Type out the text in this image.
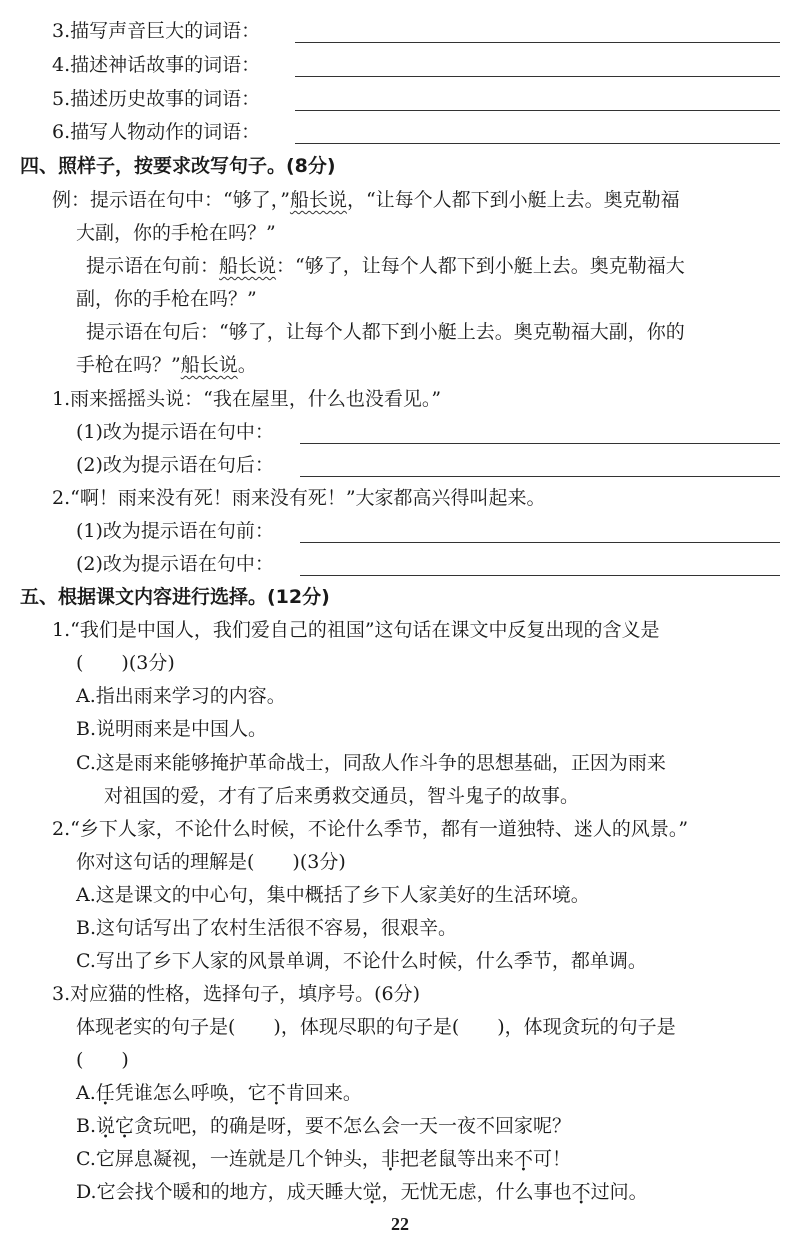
3.描写声音巨大的词语：
4.描述神话故事的词语：
5.描述历史故事的词语：
6.描写人物动作的词语：
四、照样子，按要求改写句子。(8分)
例：提示语在句中：“够了，”船长说，“让每个人都下到小艇上去。奥克勒福
大副，你的手枪在吗？”
提示语在句前：船长说：“够了，让每个人都下到小艇上去。奥克勒福大
副，你的手枪在吗？”
提示语在句后：“够了，让每个人都下到小艇上去。奥克勒福大副，你的
手枪在吗？”船长说。
1.雨来摇摇头说：“我在屋里，什么也没看见。”
(1)改为提示语在句中：
(2)改为提示语在句后：
2.“啊！雨来没有死！雨来没有死！”大家都高兴得叫起来。
(1)改为提示语在句前：
(2)改为提示语在句中：
五、根据课文内容进行选择。(12分)
1.“我们是中国人，我们爱自己的祖国”这句话在课文中反复出现的含义是
(　　)(3分)
A.指出雨来学习的内容。
B.说明雨来是中国人。
C.这是雨来能够掩护革命战士，同敌人作斗争的思想基础，正因为雨来
对祖国的爱，才有了后来勇救交通员，智斗鬼子的故事。
2.“乡下人家，不论什么时候，不论什么季节，都有一道独特、迷人的风景。”
你对这句话的理解是(　　)(3分)
A.这是课文的中心句，集中概括了乡下人家美好的生活环境。
B.这句话写出了农村生活很不容易，很艰辛。
C.写出了乡下人家的风景单调，不论什么时候，什么季节，都单调。
3.对应猫的性格，选择句子，填序号。(6分)
体现老实的句子是(　　)，体现尽职的句子是(　　)，体现贪玩的句子是
(　　)
A.任凭谁怎么呼唤，它不肯回来。
B.说它贪玩吧，的确是呀，要不怎么会一天一夜不回家呢？
C.它屏息凝视，一连就是几个钟头，非把老鼠等出来不可！
D.它会找个暖和的地方，成天睡大觉，无忧无虑，什么事也不过问。
22
